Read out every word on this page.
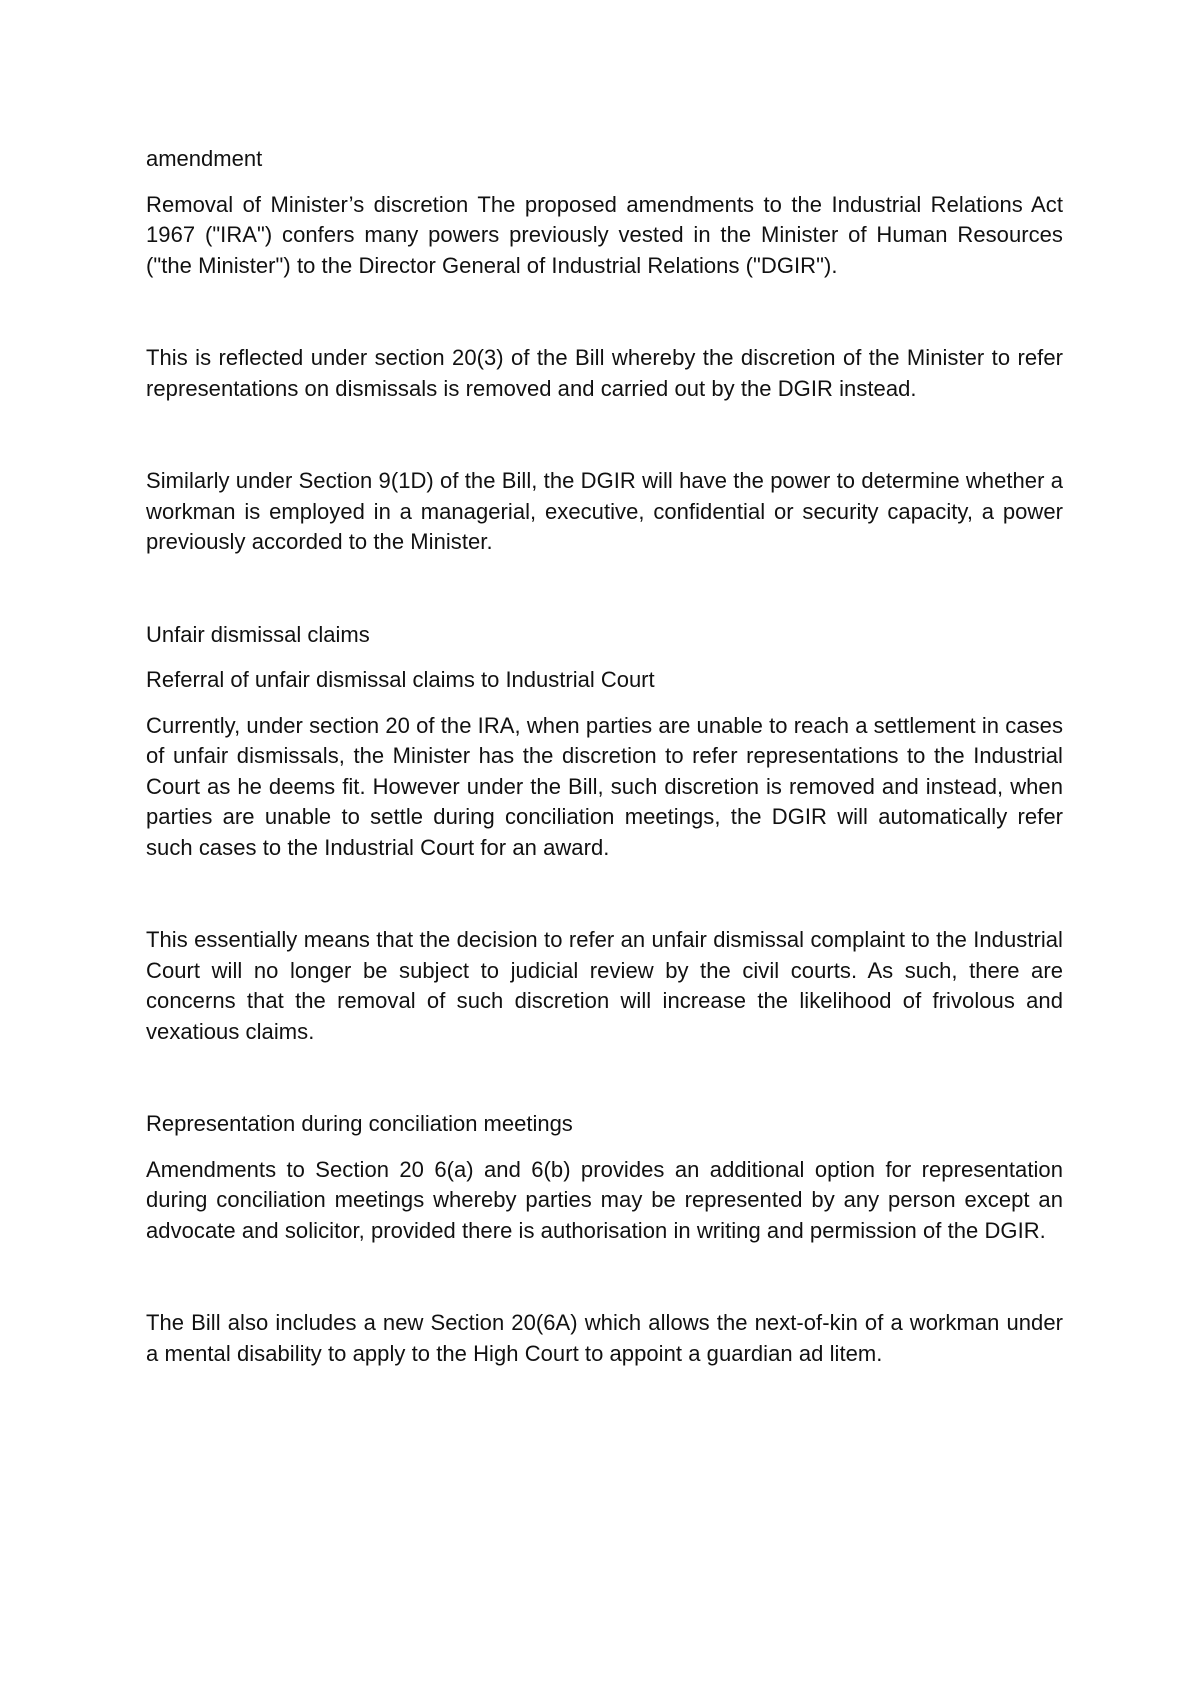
amendment

Removal of Minister’s discretion The proposed amendments to the Industrial Relations Act 1967 ("IRA") confers many powers previously vested in the Minister of Human Resources ("the Minister") to the Director General of Industrial Relations ("DGIR").

This is reflected under section 20(3) of the Bill whereby the discretion of the Minister to refer representations on dismissals is removed and carried out by the DGIR instead.

Similarly under Section 9(1D) of the Bill, the DGIR will have the power to determine whether a workman is employed in a managerial, executive, confidential or security capacity, a power previously accorded to the Minister.

Unfair dismissal claims

Referral of unfair dismissal claims to Industrial Court

Currently, under section 20 of the IRA, when parties are unable to reach a settlement in cases of unfair dismissals, the Minister has the discretion to refer representations to the Industrial Court as he deems fit. However under the Bill, such discretion is removed and instead, when parties are unable to settle during conciliation meetings, the DGIR will automatically refer such cases to the Industrial Court for an award.

This essentially means that the decision to refer an unfair dismissal complaint to the Industrial Court will no longer be subject to judicial review by the civil courts. As such, there are concerns that the removal of such discretion will increase the likelihood of frivolous and vexatious claims.

Representation during conciliation meetings

Amendments to Section 20 6(a) and 6(b) provides an additional option for representation during conciliation meetings whereby parties may be represented by any person except an advocate and solicitor, provided there is authorisation in writing and permission of the DGIR.

The Bill also includes a new Section 20(6A) which allows the next-of-kin of a workman under a mental disability to apply to the High Court to appoint a guardian ad litem.
